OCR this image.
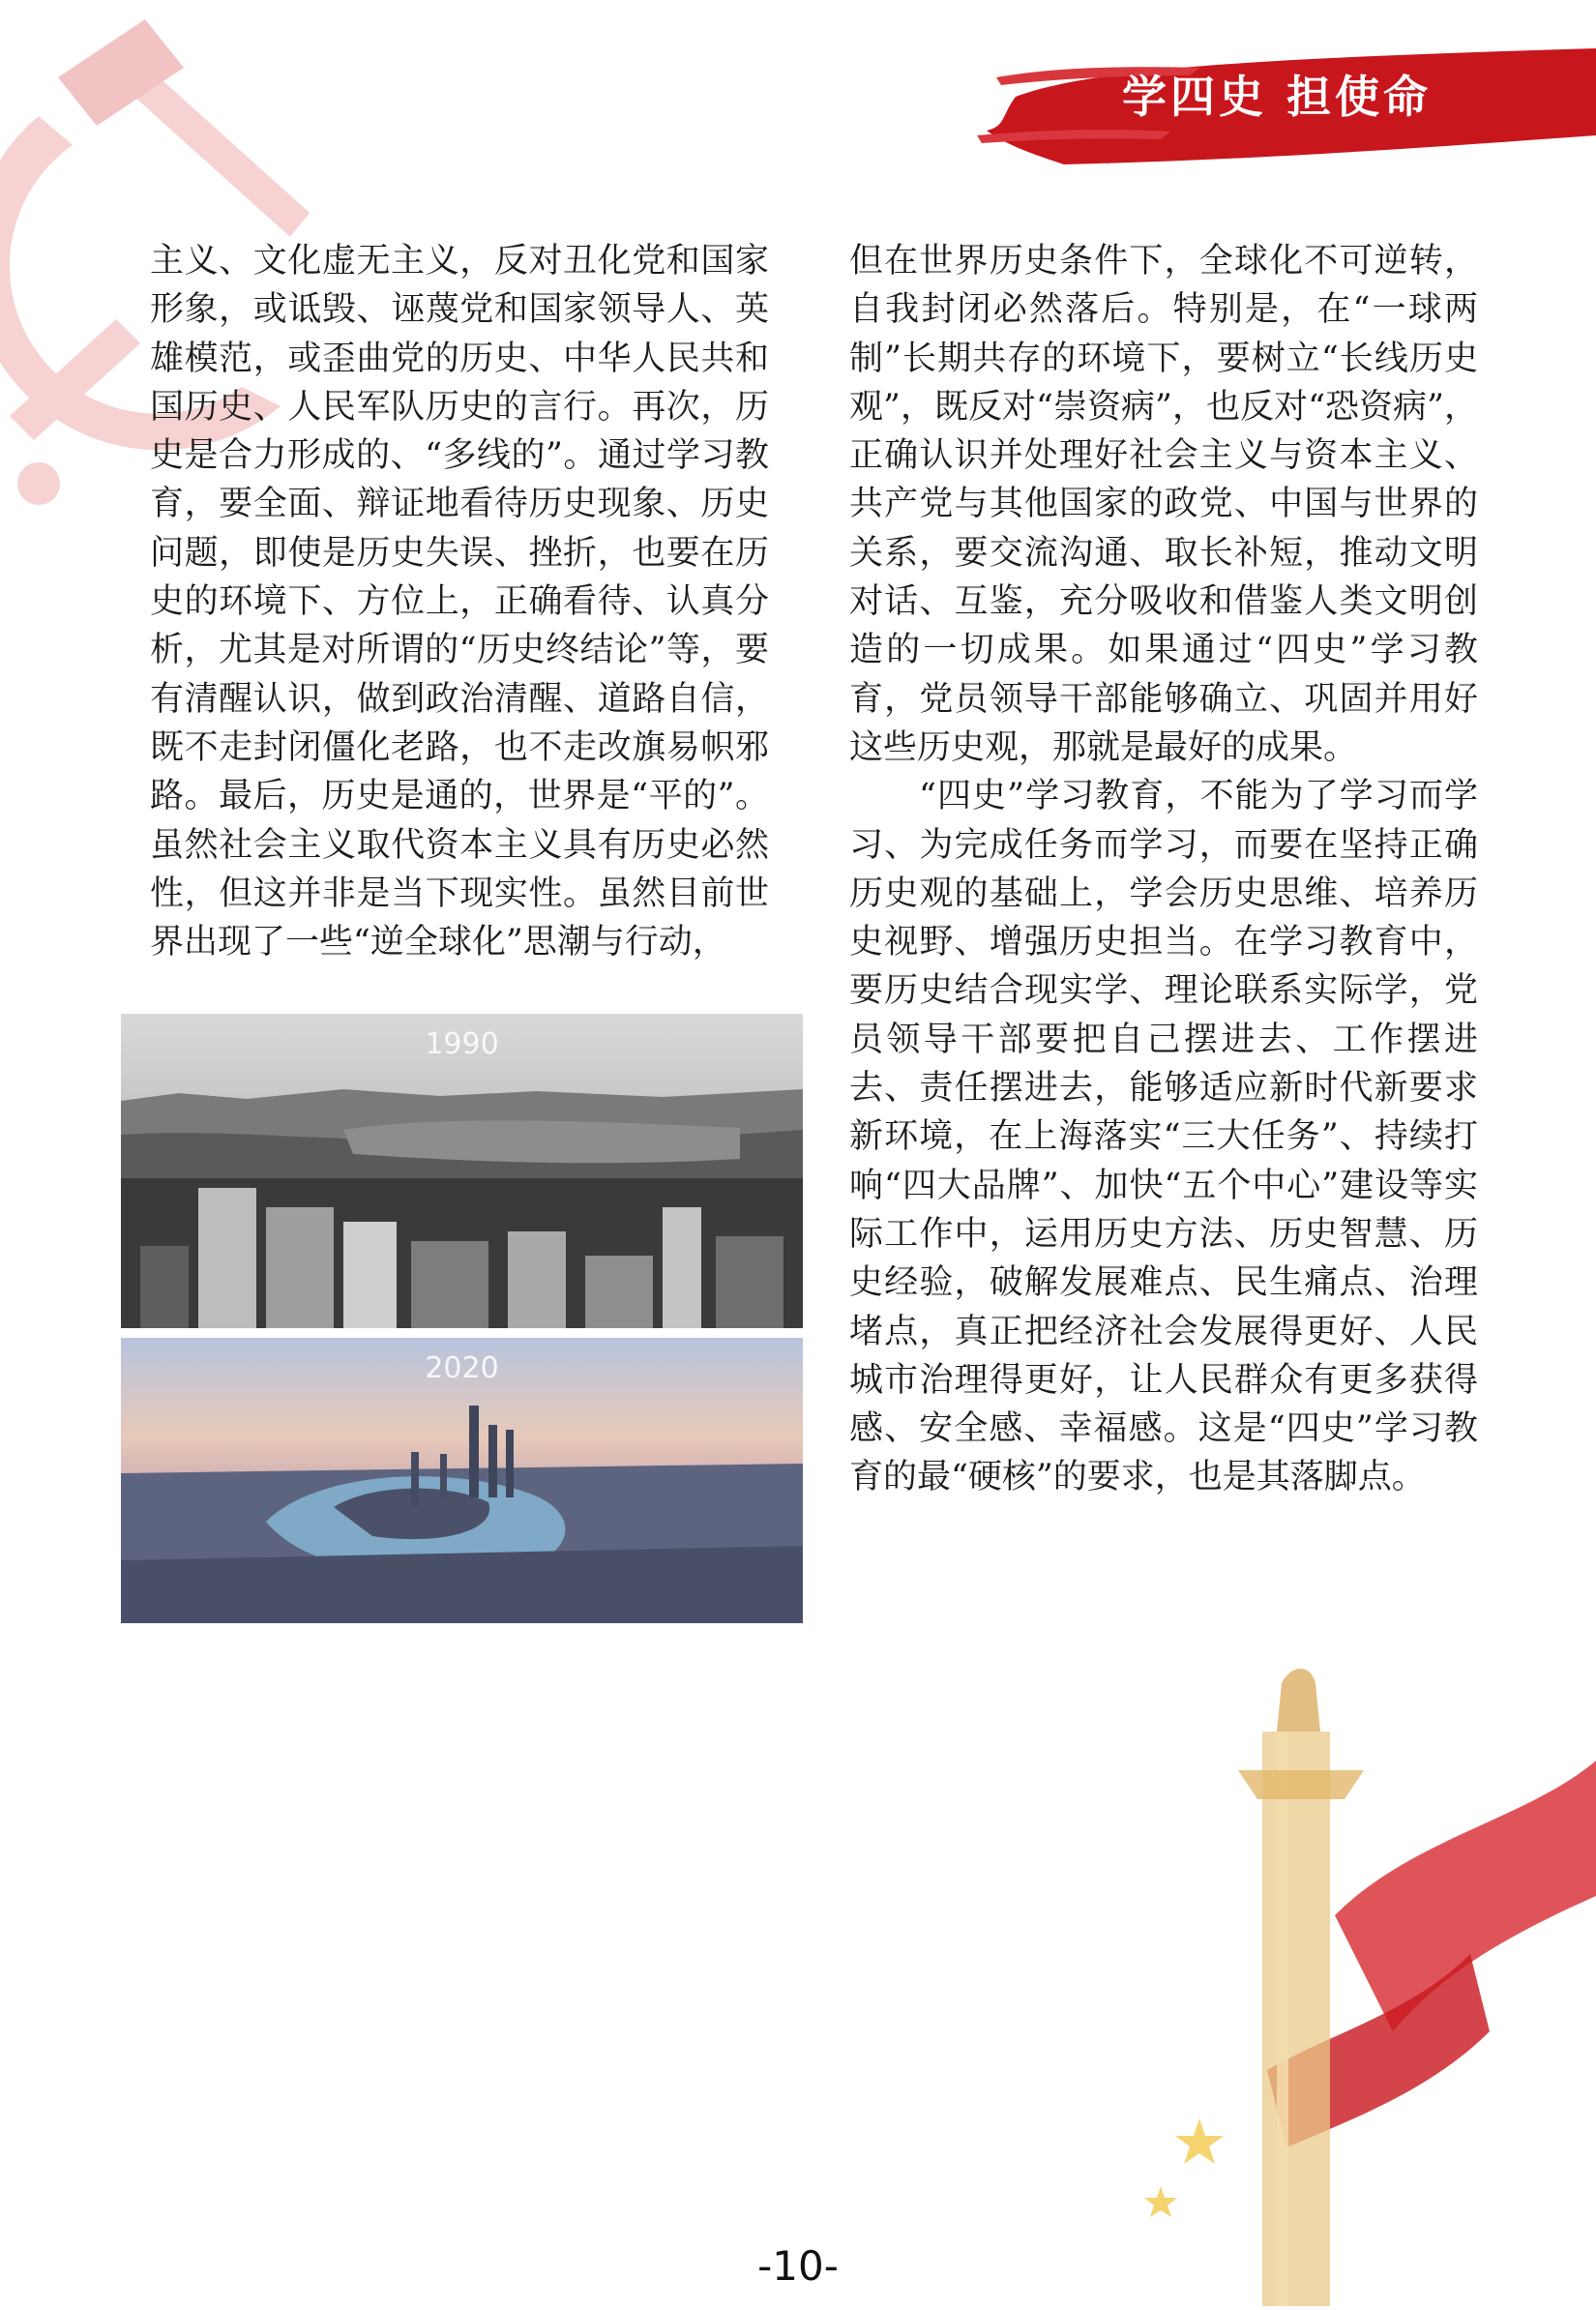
学四史 担使命

主义、文化虚无主义，反对丑化党和国家形象，或诋毁、诬蔑党和国家领导人、英雄模范，或歪曲党的历史、中华人民共和国历史、人民军队历史的言行。再次，历史是合力形成的、“多线的”。通过学习教育，要全面、辩证地看待历史现象、历史问题，即使是历史失误、挫折，也要在历史的环境下、方位上，正确看待、认真分析，尤其是对所谓的“历史终结论”等，要有清醒认识，做到政治清醒、道路自信，既不走封闭僵化老路，也不走改旗易帜邪路。最后，历史是通的，世界是“平的”。虽然社会主义取代资本主义具有历史必然性，但这并非是当下现实性。虽然目前世界出现了一些“逆全球化”思潮与行动，

1990
2020

但在世界历史条件下，全球化不可逆转，自我封闭必然落后。特别是，在“一球两制”长期共存的环境下，要树立“长线历史观”，既反对“崇资病”，也反对“恐资病”，正确认识并处理好社会主义与资本主义、共产党与其他国家的政党、中国与世界的关系，要交流沟通、取长补短，推动文明对话、互鉴，充分吸收和借鉴人类文明创造的一切成果。如果通过“四史”学习教育，党员领导干部能够确立、巩固并用好这些历史观，那就是最好的成果。

“四史”学习教育，不能为了学习而学习、为完成任务而学习，而要在坚持正确历史观的基础上，学会历史思维、培养历史视野、增强历史担当。在学习教育中，要历史结合现实学、理论联系实际学，党员领导干部要把自己摆进去、工作摆进去、责任摆进去，能够适应新时代新要求新环境，在上海落实“三大任务”、持续打响“四大品牌”、加快“五个中心”建设等实际工作中，运用历史方法、历史智慧、历史经验，破解发展难点、民生痛点、治理堵点，真正把经济社会发展得更好、人民城市治理得更好，让人民群众有更多获得感、安全感、幸福感。这是“四史”学习教育的最“硬核”的要求，也是其落脚点。

-10-
